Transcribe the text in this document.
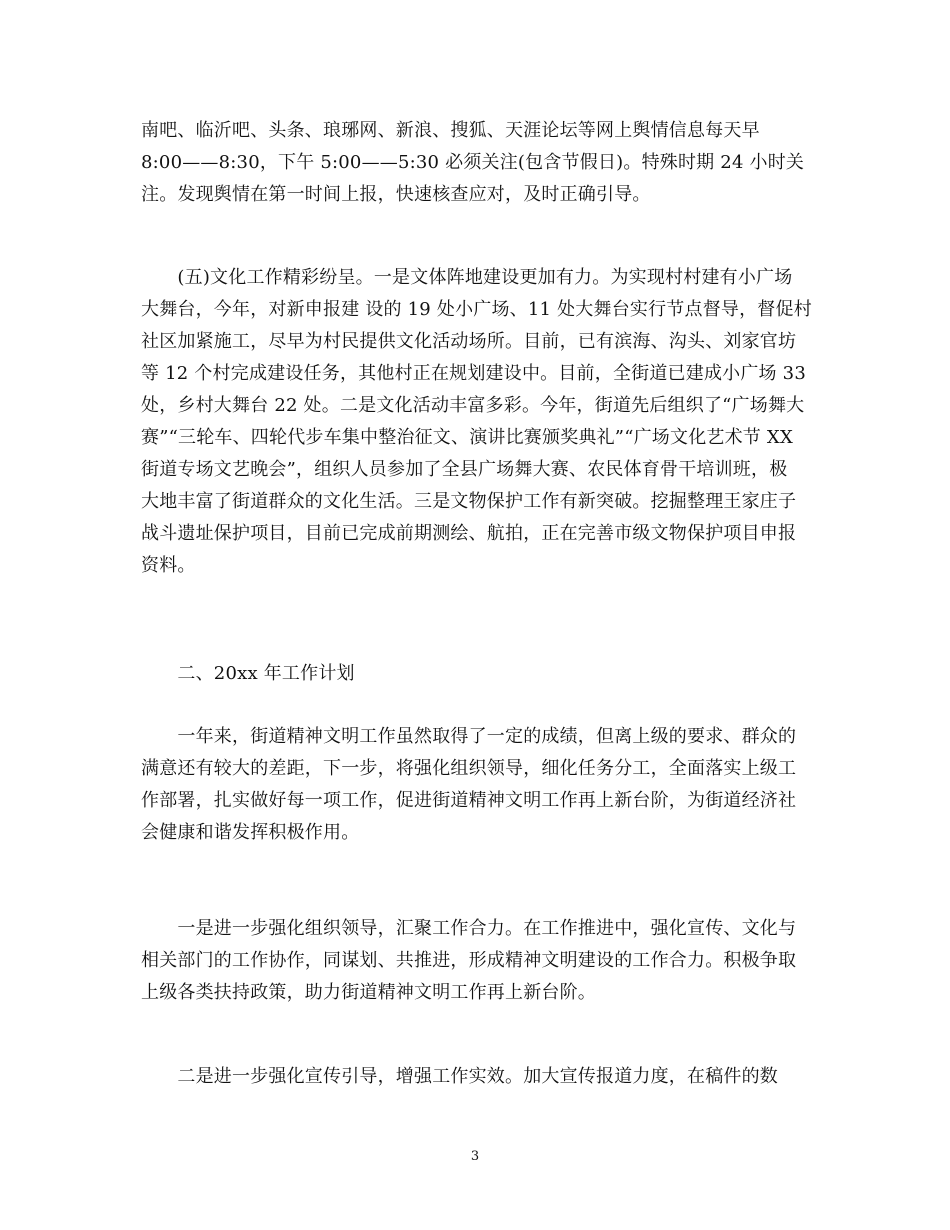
南吧、临沂吧、头条、琅琊网、新浪、搜狐、天涯论坛等网上舆情信息每天早
8:00——8:30，下午 5:00——5:30 必须关注(包含节假日)。特殊时期 24 小时关
注。发现舆情在第一时间上报，快速核查应对，及时正确引导。

　　(五)文化工作精彩纷呈。一是文体阵地建设更加有力。为实现村村建有小广场
大舞台，今年，对新申报建 设的 19 处小广场、11 处大舞台实行节点督导，督促村
社区加紧施工，尽早为村民提供文化活动场所。目前，已有滨海、沟头、刘家官坊
等 12 个村完成建设任务，其他村正在规划建设中。目前，全街道已建成小广场 33
处，乡村大舞台 22 处。二是文化活动丰富多彩。今年，街道先后组织了“广场舞大
赛”“三轮车、四轮代步车集中整治征文、演讲比赛颁奖典礼”“广场文化艺术节 XX
街道专场文艺晚会”，组织人员参加了全县广场舞大赛、农民体育骨干培训班，极
大地丰富了街道群众的文化生活。三是文物保护工作有新突破。挖掘整理王家庄子
战斗遗址保护项目，目前已完成前期测绘、航拍，正在完善市级文物保护项目申报
资料。

　　二、20xx 年工作计划

　　一年来，街道精神文明工作虽然取得了一定的成绩，但离上级的要求、群众的
满意还有较大的差距，下一步，将强化组织领导，细化任务分工，全面落实上级工
作部署，扎实做好每一项工作，促进街道精神文明工作再上新台阶，为街道经济社
会健康和谐发挥积极作用。

　　一是进一步强化组织领导，汇聚工作合力。在工作推进中，强化宣传、文化与
相关部门的工作协作，同谋划、共推进，形成精神文明建设的工作合力。积极争取
上级各类扶持政策，助力街道精神文明工作再上新台阶。

　　二是进一步强化宣传引导，增强工作实效。加大宣传报道力度，在稿件的数

3
